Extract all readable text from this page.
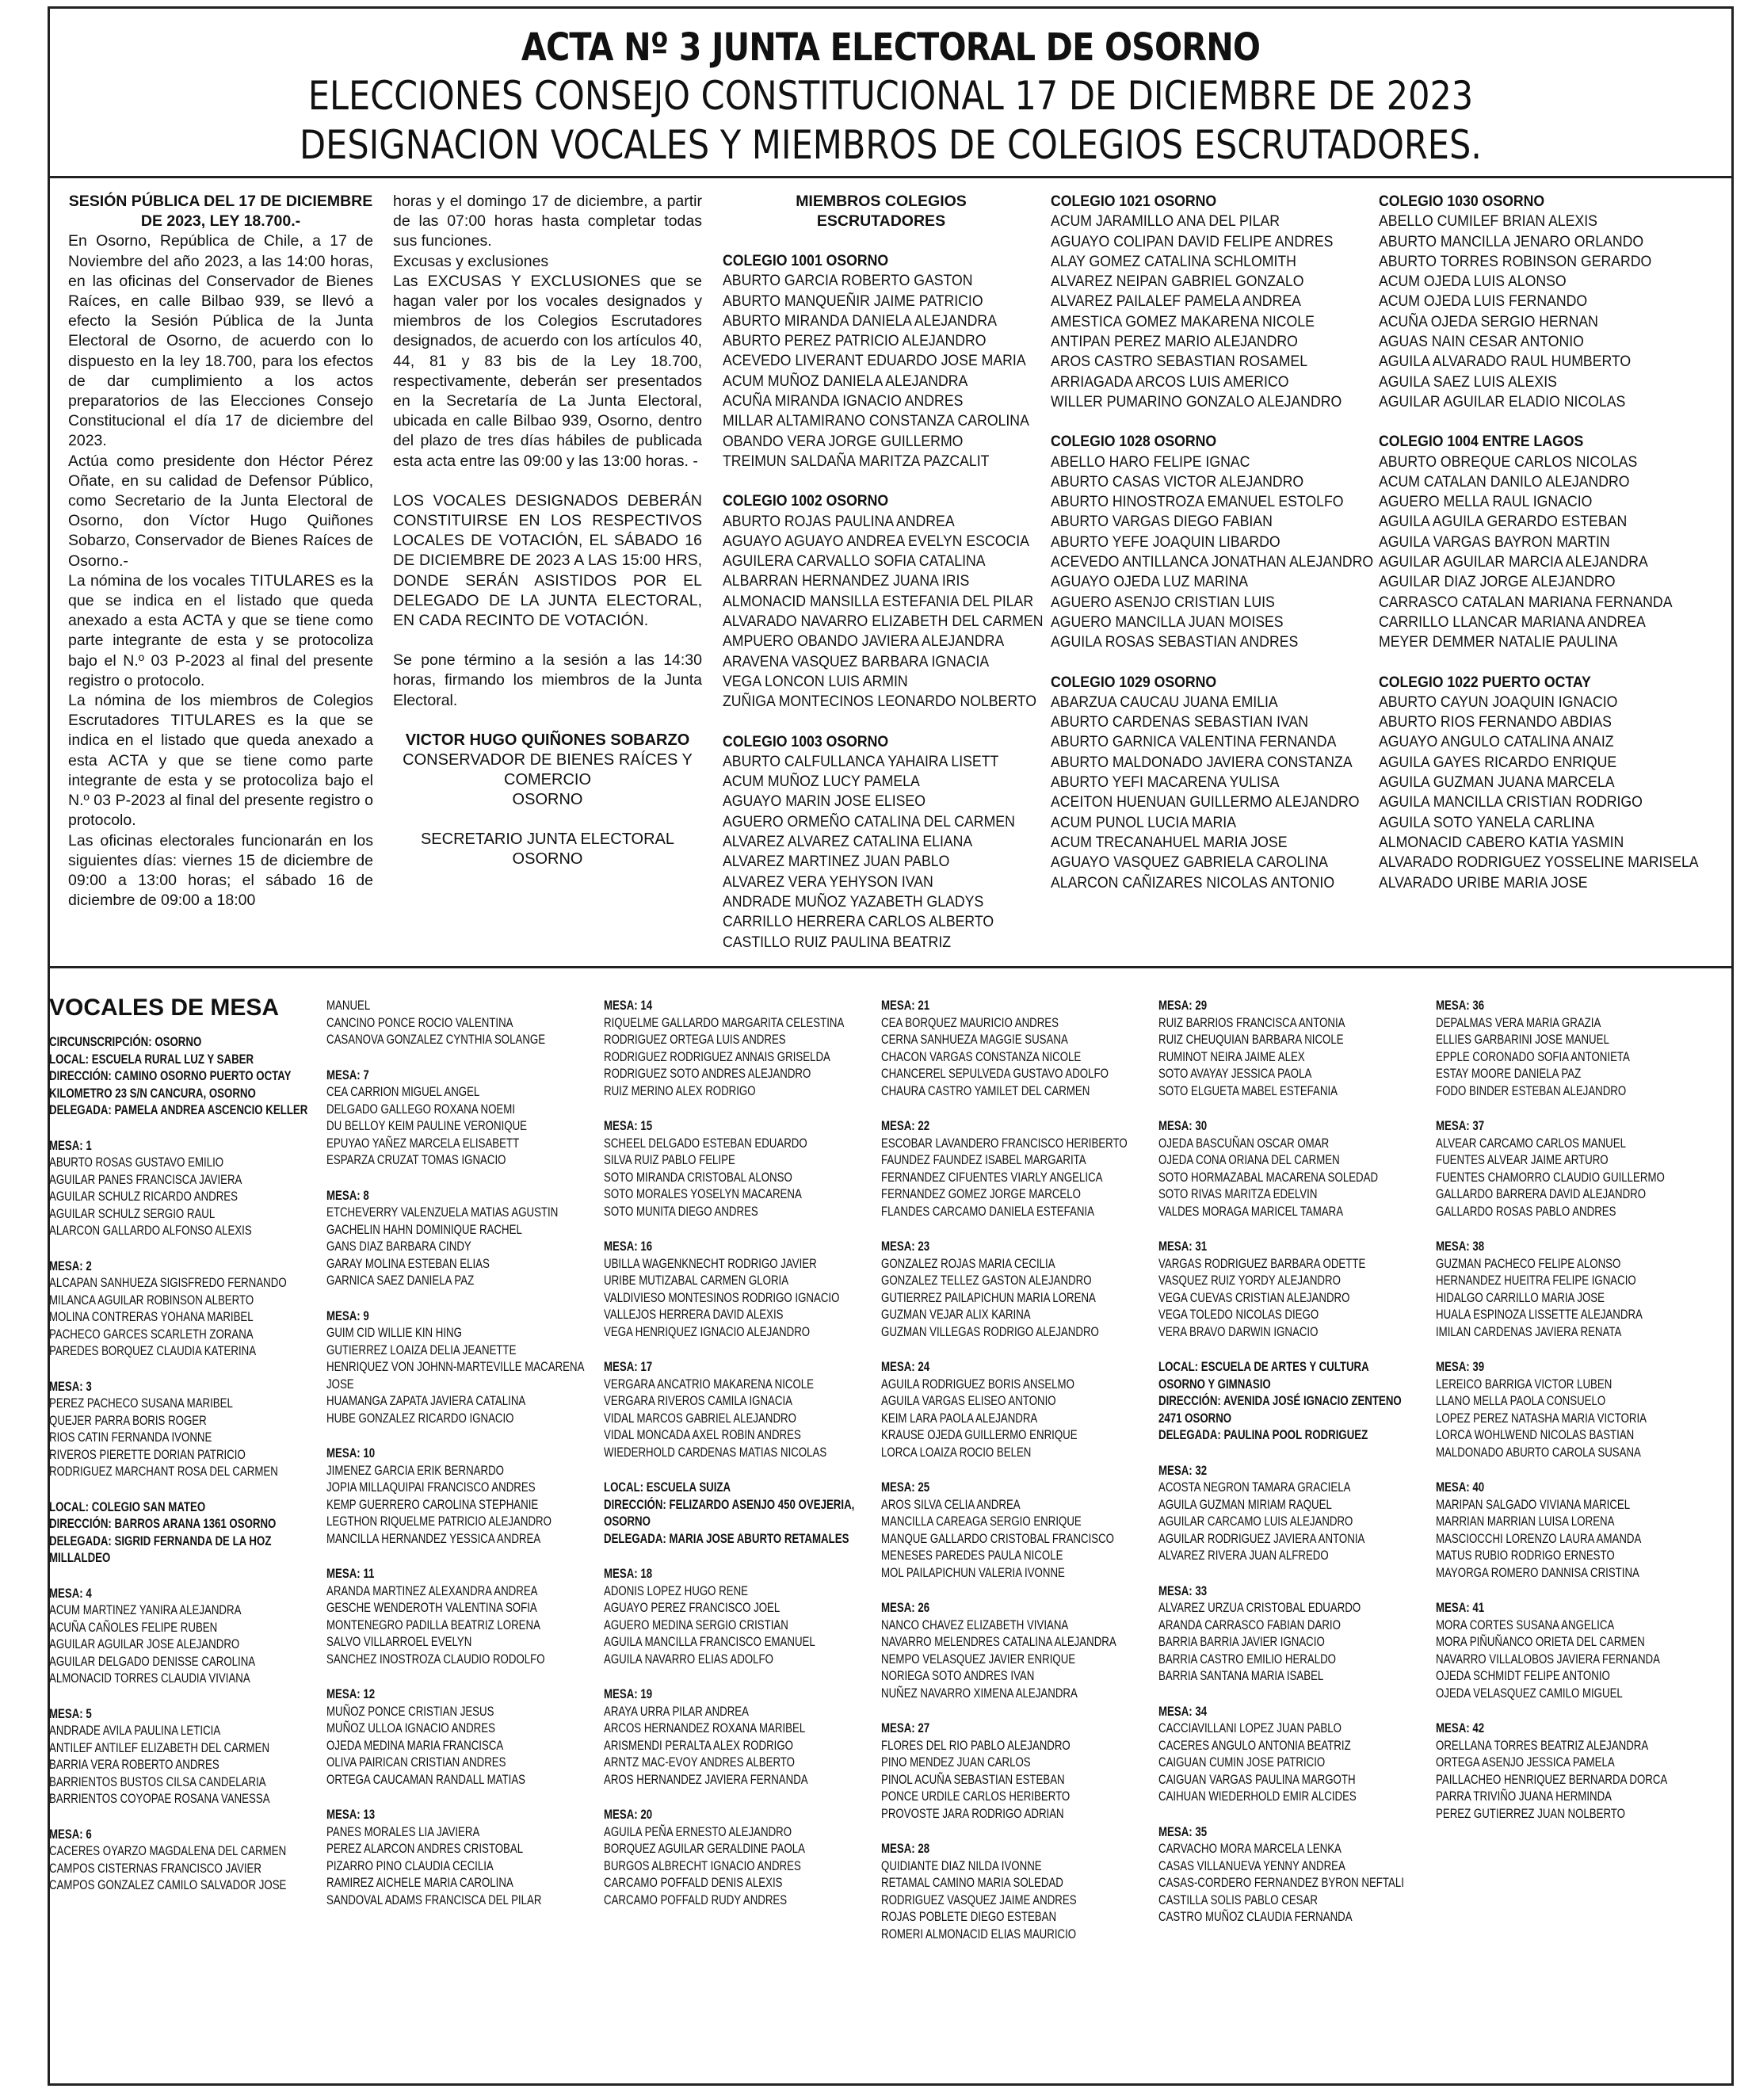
ACTA Nº 3 JUNTA ELECTORAL DE OSORNO
ELECCIONES CONSEJO CONSTITUCIONAL 17 DE DICIEMBRE DE 2023
DESIGNACION VOCALES Y MIEMBROS DE COLEGIOS ESCRUTADORES.
SESIÓN PÚBLICA DEL 17 DE DICIEMBRE DE 2023, LEY 18.700.-

En Osorno, República de Chile, a 17 de Noviembre del año 2023, a las 14:00 horas, en las oficinas del Conservador de Bienes Raíces, en calle Bilbao 939, se llevó a efecto la Sesión Pública de la Junta Electoral de Osorno, de acuerdo con lo dispuesto en la ley 18.700, para los efectos de dar cumplimiento a los actos preparatorios de las Elecciones Consejo Constitucional el día 17 de diciembre del 2023.

Actúa como presidente don Héctor Pérez Oñate, en su calidad de Defensor Público, como Secretario de la Junta Electoral de Osorno, don Víctor Hugo Quiñones Sobarzo, Conservador de Bienes Raíces de Osorno.-

La nómina de los vocales TITULARES es la que se indica en el listado que queda anexado a esta ACTA y que se tiene como parte integrante de esta y se protocoliza bajo el N.º 03 P-2023 al final del presente registro o protocolo.

La nómina de los miembros de Colegios Escrutadores TITULARES es la que se indica en el listado que queda anexado a esta ACTA y que se tiene como parte integrante de esta y se protocoliza bajo el N.º 03 P-2023 al final del presente registro o protocolo.

Las oficinas electorales funcionarán en los siguientes días: viernes 15 de diciembre de 09:00 a 13:00 horas; el sábado 16 de diciembre de 09:00 a 18:00

horas y el domingo 17 de diciembre, a partir de las 07:00 horas hasta completar todas sus funciones.

Excusas y exclusiones

Las EXCUSAS Y EXCLUSIONES que se hagan valer por los vocales designados y miembros de los Colegios Escrutadores designados, de acuerdo con los artículos 40, 44, 81 y 83 bis de la Ley 18.700, respectivamente, deberán ser presentados en la Secretaría de La Junta Electoral, ubicada en calle Bilbao 939, Osorno, dentro del plazo de tres días hábiles de publicada esta acta entre las 09:00 y las 13:00 horas. -

LOS VOCALES DESIGNADOS DEBERÁN CONSTITUIRSE EN LOS RESPECTIVOS LOCALES DE VOTACIÓN, EL SÁBADO 16 DE DICIEMBRE DE 2023 A LAS 15:00 HRS, DONDE SERÁN ASISTIDOS POR EL DELEGADO DE LA JUNTA ELECTORAL, EN CADA RECINTO DE VOTACIÓN.

Se pone término a la sesión a las 14:30 horas, firmando los miembros de la Junta Electoral.

VICTOR HUGO QUIÑONES SOBARZO
CONSERVADOR DE BIENES RAÍCES Y
COMERCIO
OSORNO
SECRETARIO JUNTA ELECTORAL
OSORNO
MIEMBROS COLEGIOS
ESCRUTADORES
COLEGIO 1001 OSORNO
ABURTO GARCIA ROBERTO GASTON
ABURTO MANQUEÑIR JAIME PATRICIO
ABURTO MIRANDA DANIELA ALEJANDRA
ABURTO PEREZ PATRICIO ALEJANDRO
ACEVEDO LIVERANT EDUARDO JOSE MARIA
ACUM MUÑOZ DANIELA ALEJANDRA
ACUÑA MIRANDA IGNACIO ANDRES
MILLAR ALTAMIRANO CONSTANZA CAROLINA
OBANDO VERA JORGE GUILLERMO
TREIMUN SALDAÑA MARITZA PAZCALIT
COLEGIO 1002 OSORNO
ABURTO ROJAS PAULINA ANDREA
AGUAYO AGUAYO ANDREA EVELYN ESCOCIA
AGUILERA CARVALLO SOFIA CATALINA
ALBARRAN HERNANDEZ JUANA IRIS
ALMONACID MANSILLA ESTEFANIA DEL PILAR
ALVARADO NAVARRO ELIZABETH DEL CARMEN
AMPUERO OBANDO JAVIERA ALEJANDRA
ARAVENA VASQUEZ BARBARA IGNACIA
VEGA LONCON LUIS ARMIN
ZUÑIGA MONTECINOS LEONARDO NOLBERTO
COLEGIO 1003 OSORNO
ABURTO CALFULLANCA YAHAIRA LISETT
ACUM MUÑOZ LUCY PAMELA
AGUAYO MARIN JOSE ELISEO
AGUERO ORMEÑO CATALINA DEL CARMEN
ALVAREZ ALVAREZ CATALINA ELIANA
ALVAREZ MARTINEZ JUAN PABLO
ALVAREZ VERA YEHYSON IVAN
ANDRADE MUÑOZ YAZABETH GLADYS
CARRILLO HERRERA CARLOS ALBERTO
CASTILLO RUIZ PAULINA BEATRIZ
COLEGIO 1021 OSORNO
ACUM JARAMILLO ANA DEL PILAR
AGUAYO COLIPAN DAVID FELIPE ANDRES
ALAY GOMEZ CATALINA SCHLOMITH
ALVAREZ NEIPAN GABRIEL GONZALO
ALVAREZ PAILALEF PAMELA ANDREA
AMESTICA GOMEZ MAKARENA NICOLE
ANTIPAN PEREZ MARIO ALEJANDRO
AROS CASTRO SEBASTIAN ROSAMEL
ARRIAGADA ARCOS LUIS AMERICO
WILLER PUMARINO GONZALO ALEJANDRO
COLEGIO 1028 OSORNO
ABELLO HARO FELIPE IGNAC
ABURTO CASAS VICTOR ALEJANDRO
ABURTO HINOSTROZA EMANUEL ESTOLFO
ABURTO VARGAS DIEGO FABIAN
ABURTO YEFE JOAQUIN LIBARDO
ACEVEDO ANTILLANCA JONATHAN ALEJANDRO
AGUAYO OJEDA LUZ MARINA
AGUERO ASENJO CRISTIAN LUIS
AGUERO MANCILLA JUAN MOISES
AGUILA ROSAS SEBASTIAN ANDRES
COLEGIO 1029 OSORNO
ABARZUA CAUCAU JUANA EMILIA
ABURTO CARDENAS SEBASTIAN IVAN
ABURTO GARNICA VALENTINA FERNANDA
ABURTO MALDONADO JAVIERA CONSTANZA
ABURTO YEFI MACARENA YULISA
ACEITON HUENUAN GUILLERMO ALEJANDRO
ACUM PUNOL LUCIA MARIA
ACUM TRECANAHUEL MARIA JOSE
AGUAYO VASQUEZ GABRIELA CAROLINA
ALARCON CAÑIZARES NICOLAS ANTONIO
COLEGIO 1030 OSORNO
ABELLO CUMILEF BRIAN ALEXIS
ABURTO MANCILLA JENARO ORLANDO
ABURTO TORRES ROBINSON GERARDO
ACUM OJEDA LUIS ALONSO
ACUM OJEDA LUIS FERNANDO
ACUÑA OJEDA SERGIO HERNAN
AGUAS NAIN CESAR ANTONIO
AGUILA ALVARADO RAUL HUMBERTO
AGUILA SAEZ LUIS ALEXIS
AGUILAR AGUILAR ELADIO NICOLAS
COLEGIO 1004 ENTRE LAGOS
ABURTO OBREQUE CARLOS NICOLAS
ACUM CATALAN DANILO ALEJANDRO
AGUERO MELLA RAUL IGNACIO
AGUILA AGUILA GERARDO ESTEBAN
AGUILA VARGAS BAYRON MARTIN
AGUILAR AGUILAR MARCIA ALEJANDRA
AGUILAR DIAZ JORGE ALEJANDRO
CARRASCO CATALAN MARIANA FERNANDA
CARRILLO LLANCAR MARIANA ANDREA
MEYER DEMMER NATALIE PAULINA
COLEGIO 1022 PUERTO OCTAY
ABURTO CAYUN JOAQUIN IGNACIO
ABURTO RIOS FERNANDO ABDIAS
AGUAYO ANGULO CATALINA ANAIZ
AGUILA GAYES RICARDO ENRIQUE
AGUILA GUZMAN JUANA MARCELA
AGUILA MANCILLA CRISTIAN RODRIGO
AGUILA SOTO YANELA CARLINA
ALMONACID CABERO KATIA YASMIN
ALVARADO RODRIGUEZ YOSSELINE MARISELA
ALVARADO URIBE MARIA JOSE
VOCALES DE MESA
CIRCUNSCRIPCIÓN: OSORNO
LOCAL: ESCUELA RURAL LUZ Y SABER
DIRECCIÓN: CAMINO OSORNO PUERTO OCTAY KILOMETRO 23 S/N CANCURA, OSORNO
DELEGADA: PAMELA ANDREA ASCENCIO KELLER
MESA: 1
ABURTO ROSAS GUSTAVO EMILIO
AGUILAR PANES FRANCISCA JAVIERA
AGUILAR SCHULZ RICARDO ANDRES
AGUILAR SCHULZ SERGIO RAUL
ALARCON GALLARDO ALFONSO ALEXIS
MESA: 2
ALCAPAN SANHUEZA SIGISFREDO FERNANDO
MILANCA AGUILAR ROBINSON ALBERTO
MOLINA CONTRERAS YOHANA MARIBEL
PACHECO GARCES SCARLETH ZORANA
PAREDES BORQUEZ CLAUDIA KATERINA
MESA: 3
PEREZ PACHECO SUSANA MARIBEL
QUEJER PARRA BORIS ROGER
RIOS CATIN FERNANDA IVONNE
RIVEROS PIERETTE DORIAN PATRICIO
RODRIGUEZ MARCHANT ROSA DEL CARMEN
LOCAL: COLEGIO SAN MATEO
DIRECCIÓN: BARROS ARANA 1361 OSORNO
DELEGADA: SIGRID FERNANDA DE LA HOZ MILLALDEO
MESA: 4
ACUM MARTINEZ YANIRA ALEJANDRA
ACUÑA CAÑOLES FELIPE RUBEN
AGUILAR AGUILAR JOSE ALEJANDRO
AGUILAR DELGADO DENISSE CAROLINA
ALMONACID TORRES CLAUDIA VIVIANA
MESA: 5
ANDRADE AVILA PAULINA LETICIA
ANTILEF ANTILEF ELIZABETH DEL CARMEN
BARRIA VERA ROBERTO ANDRES
BARRIENTOS BUSTOS CILSA CANDELARIA
BARRIENTOS COYOPAE ROSANA VANESSA
MESA: 6
CACERES OYARZO MAGDALENA DEL CARMEN
CAMPOS CISTERNAS FRANCISCO JAVIER
CAMPOS GONZALEZ CAMILO SALVADOR JOSE
MANUEL
CANCINO PONCE ROCIO VALENTINA
CASANOVA GONZALEZ CYNTHIA SOLANGE
MESA: 7
CEA CARRION MIGUEL ANGEL
DELGADO GALLEGO ROXANA NOEMI
DU BELLOY KEIM PAULINE VERONIQUE
EPUYAO YAÑEZ MARCELA ELISABETT
ESPARZA CRUZAT TOMAS IGNACIO
MESA: 8
ETCHEVERRY VALENZUELA MATIAS AGUSTIN
GACHELIN HAHN DOMINIQUE RACHEL
GANS DIAZ BARBARA CINDY
GARAY MOLINA ESTEBAN ELIAS
GARNICA SAEZ DANIELA PAZ
MESA: 9
GUIM CID WILLIE KIN HING
GUTIERREZ LOAIZA DELIA JEANETTE
HENRIQUEZ VON JOHNN-MARTEVILLE MACARENA JOSE
HUAMANGA ZAPATA JAVIERA CATALINA
HUBE GONZALEZ RICARDO IGNACIO
MESA: 10
JIMENEZ GARCIA ERIK BERNARDO
JOPIA MILLAQUIPAI FRANCISCO ANDRES
KEMP GUERRERO CAROLINA STEPHANIE
LEGTHON RIQUELME PATRICIO ALEJANDRO
MANCILLA HERNANDEZ YESSICA ANDREA
MESA: 11
ARANDA MARTINEZ ALEXANDRA ANDREA
GESCHE WENDEROTH VALENTINA SOFIA
MONTENEGRO PADILLA BEATRIZ LORENA
SALVO VILLARROEL EVELYN
SANCHEZ INOSTROZA CLAUDIO RODOLFO
MESA: 12
MUÑOZ PONCE CRISTIAN JESUS
MUÑOZ ULLOA IGNACIO ANDRES
OJEDA MEDINA MARIA FRANCISCA
OLIVA PAIRICAN CRISTIAN ANDRES
ORTEGA CAUCAMAN RANDALL MATIAS
MESA: 13
PANES MORALES LIA JAVIERA
PEREZ ALARCON ANDRES CRISTOBAL
PIZARRO PINO CLAUDIA CECILIA
RAMIREZ AICHELE MARIA CAROLINA
SANDOVAL ADAMS FRANCISCA DEL PILAR
MESA: 14
RIQUELME GALLARDO MARGARITA CELESTINA
RODRIGUEZ ORTEGA LUIS ANDRES
RODRIGUEZ RODRIGUEZ ANNAIS GRISELDA
RODRIGUEZ SOTO ANDRES ALEJANDRO
RUIZ MERINO ALEX RODRIGO
MESA: 15
SCHEEL DELGADO ESTEBAN EDUARDO
SILVA RUIZ PABLO FELIPE
SOTO MIRANDA CRISTOBAL ALONSO
SOTO MORALES YOSELYN MACARENA
SOTO MUNITA DIEGO ANDRES
MESA: 16
UBILLA WAGENKNECHT RODRIGO JAVIER
URIBE MUTIZABAL CARMEN GLORIA
VALDIVIESO MONTESINOS RODRIGO IGNACIO
VALLEJOS HERRERA DAVID ALEXIS
VEGA HENRIQUEZ IGNACIO ALEJANDRO
MESA: 17
VERGARA ANCATRIO MAKARENA NICOLE
VERGARA RIVEROS CAMILA IGNACIA
VIDAL MARCOS GABRIEL ALEJANDRO
VIDAL MONCADA AXEL ROBIN ANDRES
WIEDERHOLD CARDENAS MATIAS NICOLAS
LOCAL: ESCUELA SUIZA
DIRECCIÓN: FELIZARDO ASENJO 450 OVEJERIA, OSORNO
DELEGADA: MARIA JOSE ABURTO RETAMALES
MESA: 18
ADONIS LOPEZ HUGO RENE
AGUAYO PEREZ FRANCISCO JOEL
AGUERO MEDINA SERGIO CRISTIAN
AGUILA MANCILLA FRANCISCO EMANUEL
AGUILA NAVARRO ELIAS ADOLFO
MESA: 19
ARAYA URRA PILAR ANDREA
ARCOS HERNANDEZ ROXANA MARIBEL
ARISMENDI PERALTA ALEX RODRIGO
ARNTZ MAC-EVOY ANDRES ALBERTO
AROS HERNANDEZ JAVIERA FERNANDA
MESA: 20
AGUILA PEÑA ERNESTO ALEJANDRO
BORQUEZ AGUILAR GERALDINE PAOLA
BURGOS ALBRECHT IGNACIO ANDRES
CARCAMO POFFALD DENIS ALEXIS
CARCAMO POFFALD RUDY ANDRES
MESA: 21
CEA BORQUEZ MAURICIO ANDRES
CERNA SANHUEZA MAGGIE SUSANA
CHACON VARGAS CONSTANZA NICOLE
CHANCEREL SEPULVEDA GUSTAVO ADOLFO
CHAURA CASTRO YAMILET DEL CARMEN
MESA: 22
ESCOBAR LAVANDERO FRANCISCO HERIBERTO
FAUNDEZ FAUNDEZ ISABEL MARGARITA
FERNANDEZ CIFUENTES VIARLY ANGELICA
FERNANDEZ GOMEZ JORGE MARCELO
FLANDES CARCAMO DANIELA ESTEFANIA
MESA: 23
GONZALEZ ROJAS MARIA CECILIA
GONZALEZ TELLEZ GASTON ALEJANDRO
GUTIERREZ PAILAPICHUN MARIA LORENA
GUZMAN VEJAR ALIX KARINA
GUZMAN VILLEGAS RODRIGO ALEJANDRO
MESA: 24
AGUILA RODRIGUEZ BORIS ANSELMO
AGUILA VARGAS ELISEO ANTONIO
KEIM LARA PAOLA ALEJANDRA
KRAUSE OJEDA GUILLERMO ENRIQUE
LORCA LOAIZA ROCIO BELEN
MESA: 25
AROS SILVA CELIA ANDREA
MANCILLA CAREAGA SERGIO ENRIQUE
MANQUE GALLARDO CRISTOBAL FRANCISCO
MENESES PAREDES PAULA NICOLE
MOL PAILAPICHUN VALERIA IVONNE
MESA: 26
NANCO CHAVEZ ELIZABETH VIVIANA
NAVARRO MELENDRES CATALINA ALEJANDRA
NEMPO VELASQUEZ JAVIER ENRIQUE
NORIEGA SOTO ANDRES IVAN
NUÑEZ NAVARRO XIMENA ALEJANDRA
MESA: 27
FLORES DEL RIO PABLO ALEJANDRO
PINO MENDEZ JUAN CARLOS
PINOL ACUÑA SEBASTIAN ESTEBAN
PONCE URDILE CARLOS HERIBERTO
PROVOSTE JARA RODRIGO ADRIAN
MESA: 28
QUIDIANTE DIAZ NILDA IVONNE
RETAMAL CAMINO MARIA SOLEDAD
RODRIGUEZ VASQUEZ JAIME ANDRES
ROJAS POBLETE DIEGO ESTEBAN
ROMERI ALMONACID ELIAS MAURICIO
MESA: 29
RUIZ BARRIOS FRANCISCA ANTONIA
RUIZ CHEUQUIAN BARBARA NICOLE
RUMINOT NEIRA JAIME ALEX
SOTO AVAYAY JESSICA PAOLA
SOTO ELGUETA MABEL ESTEFANIA
MESA: 30
OJEDA BASCUÑAN OSCAR OMAR
OJEDA CONA ORIANA DEL CARMEN
SOTO HORMAZABAL MACARENA SOLEDAD
SOTO RIVAS MARITZA EDELVIN
VALDES MORAGA MARICEL TAMARA
MESA: 31
VARGAS RODRIGUEZ BARBARA ODETTE
VASQUEZ RUIZ YORDY ALEJANDRO
VEGA CUEVAS CRISTIAN ALEJANDRO
VEGA TOLEDO NICOLAS DIEGO
VERA BRAVO DARWIN IGNACIO
LOCAL: ESCUELA DE ARTES Y CULTURA OSORNO Y GIMNASIO
DIRECCIÓN: AVENIDA JOSÉ IGNACIO ZENTENO 2471 OSORNO
DELEGADA: PAULINA POOL RODRIGUEZ
MESA: 32
ACOSTA NEGRON TAMARA GRACIELA
AGUILA GUZMAN MIRIAM RAQUEL
AGUILAR CARCAMO LUIS ALEJANDRO
AGUILAR RODRIGUEZ JAVIERA ANTONIA
ALVAREZ RIVERA JUAN ALFREDO
MESA: 33
ALVAREZ URZUA CRISTOBAL EDUARDO
ARANDA CARRASCO FABIAN DARIO
BARRIA BARRIA JAVIER IGNACIO
BARRIA CASTRO EMILIO HERALDO
BARRIA SANTANA MARIA ISABEL
MESA: 34
CACCIAVILLANI LOPEZ JUAN PABLO
CACERES ANGULO ANTONIA BEATRIZ
CAIGUAN CUMIN JOSE PATRICIO
CAIGUAN VARGAS PAULINA MARGOTH
CAIHUAN WIEDERHOLD EMIR ALCIDES
MESA: 35
CARVACHO MORA MARCELA LENKA
CASAS VILLANUEVA YENNY ANDREA
CASAS-CORDERO FERNANDEZ BYRON NEFTALI
CASTILLA SOLIS PABLO CESAR
CASTRO MUÑOZ CLAUDIA FERNANDA
MESA: 36
DEPALMAS VERA MARIA GRAZIA
ELLIES GARBARINI JOSE MANUEL
EPPLE CORONADO SOFIA ANTONIETA
ESTAY MOORE DANIELA PAZ
FODO BINDER ESTEBAN ALEJANDRO
MESA: 37
ALVEAR CARCAMO CARLOS MANUEL
FUENTES ALVEAR JAIME ARTURO
FUENTES CHAMORRO CLAUDIO GUILLERMO
GALLARDO BARRERA DAVID ALEJANDRO
GALLARDO ROSAS PABLO ANDRES
MESA: 38
GUZMAN PACHECO FELIPE ALONSO
HERNANDEZ HUEITRA FELIPE IGNACIO
HIDALGO CARRILLO MARIA JOSE
HUALA ESPINOZA LISSETTE ALEJANDRA
IMILAN CARDENAS JAVIERA RENATA
MESA: 39
LEREICO BARRIGA VICTOR LUBEN
LLANO MELLA PAOLA CONSUELO
LOPEZ PEREZ NATASHA MARIA VICTORIA
LORCA WOHLWEND NICOLAS BASTIAN
MALDONADO ABURTO CAROLA SUSANA
MESA: 40
MARIPAN SALGADO VIVIANA MARICEL
MARRIAN MARRIAN LUISA LORENA
MASCIOCCHI LORENZO LAURA AMANDA
MATUS RUBIO RODRIGO ERNESTO
MAYORGA ROMERO DANNISA CRISTINA
MESA: 41
MORA CORTES SUSANA ANGELICA
MORA PIÑUÑANCO ORIETA DEL CARMEN
NAVARRO VILLALOBOS JAVIERA FERNANDA
OJEDA SCHMIDT FELIPE ANTONIO
OJEDA VELASQUEZ CAMILO MIGUEL
MESA: 42
ORELLANA TORRES BEATRIZ ALEJANDRA
ORTEGA ASENJO JESSICA PAMELA
PAILLACHEO HENRIQUEZ BERNARDA DORCA
PARRA TRIVIÑO JUANA HERMINDA
PEREZ GUTIERREZ JUAN NOLBERTO
